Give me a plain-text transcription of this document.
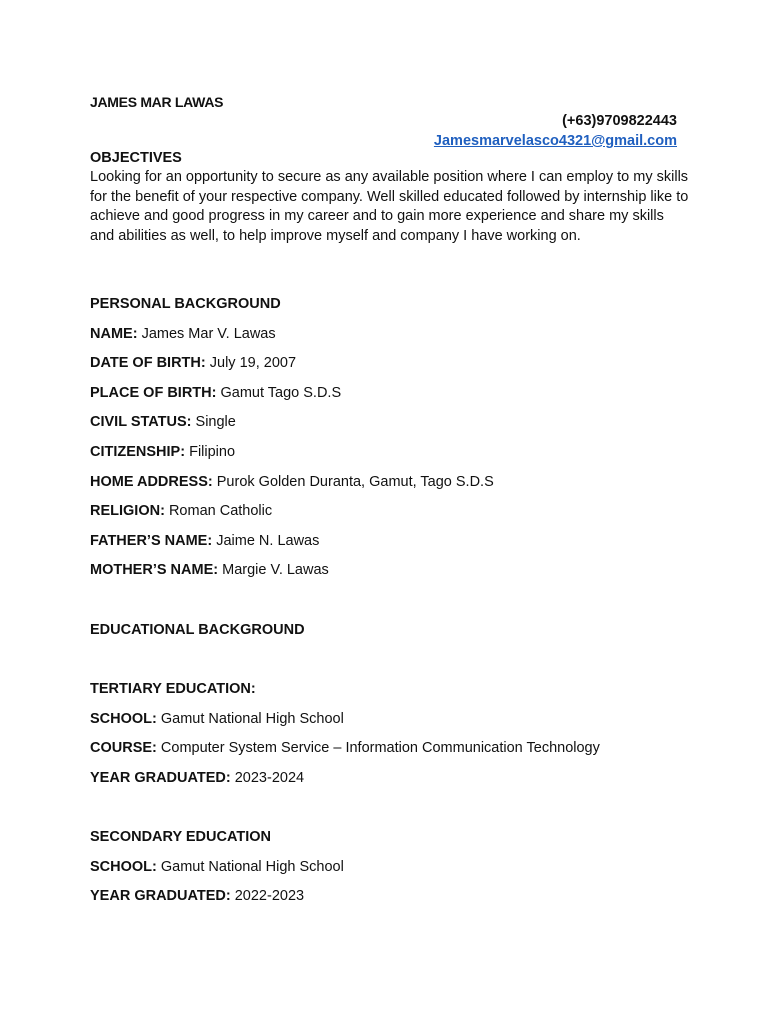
JAMES MAR LAWAS
(+63)9709822443
Jamesmarvelasco4321@gmail.com
OBJECTIVES

Looking for an opportunity to secure as any available position where I can employ to my skills for the benefit of your respective company. Well skilled educated followed by internship like to achieve and good progress in my career and to gain more experience and share my skills and abilities as well, to help improve myself and company I have working on.

PERSONAL BACKGROUND
NAME: James Mar V. Lawas
DATE OF BIRTH: July 19, 2007
PLACE OF BIRTH: Gamut Tago S.D.S
CIVIL STATUS: Single
CITIZENSHIP: Filipino
HOME ADDRESS: Purok Golden Duranta, Gamut, Tago S.D.S
RELIGION: Roman Catholic
FATHER’S NAME: Jaime N. Lawas
MOTHER’S NAME: Margie V. Lawas
EDUCATIONAL BACKGROUND
TERTIARY EDUCATION:
SCHOOL: Gamut National High School
COURSE: Computer System Service – Information Communication Technology
YEAR GRADUATED: 2023-2024
SECONDARY EDUCATION
SCHOOL: Gamut National High School
YEAR GRADUATED: 2022-2023
